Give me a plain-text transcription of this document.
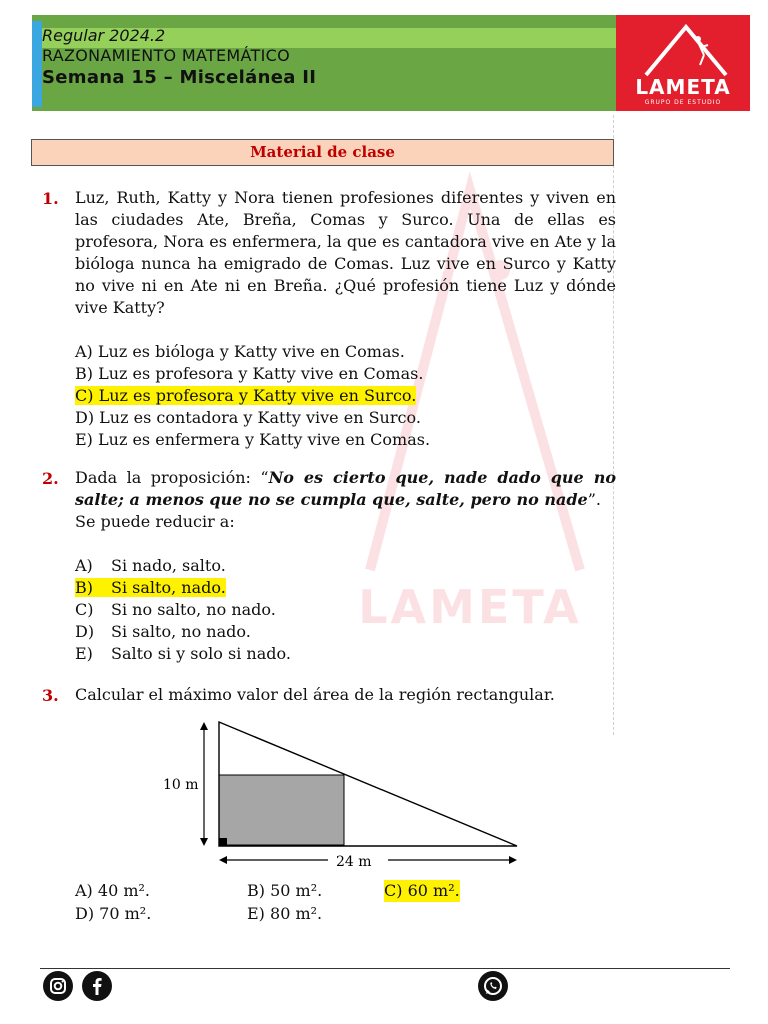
Regular 2024.2
RAZONAMIENTO MATEMÁTICO
Semana 15 – Miscelánea II	LAMETA
GRUPO DE ESTUDIO
LAMETA
Material de clase
1. Luz, Ruth, Katty y Nora tienen profesiones diferentes y viven en las ciudades Ate, Breña, Comas y Surco. Una de ellas es profesora, Nora es enfermera, la que es cantadora vive en Ate y la bióloga nunca ha emigrado de Comas. Luz vive en Surco y Katty no vive ni en Ate ni en Breña. ¿Qué profesión tiene Luz y dónde vive Katty?
A) Luz es bióloga y Katty vive en Comas.
B) Luz es profesora y Katty vive en Comas.
C) Luz es profesora y Katty vive en Surco.
D) Luz es contadora y Katty vive en Surco.
E) Luz es enfermera y Katty vive en Comas.
2. Dada la proposición: “No es cierto que, nade dado que no salte; a menos que no se cumpla que, salte, pero no nade”.
Se puede reducir a:
A) Si nado, salto.
B) Si salto, nado.
C) Si no salto, no nado.
D) Si salto, no nado.
E) Salto si y solo si nado.
3. Calcular el máximo valor del área de la región rectangular.
10 m
24 m
A) 40 m².	B) 50 m².	C) 60 m².
D) 70 m².	E) 80 m².
